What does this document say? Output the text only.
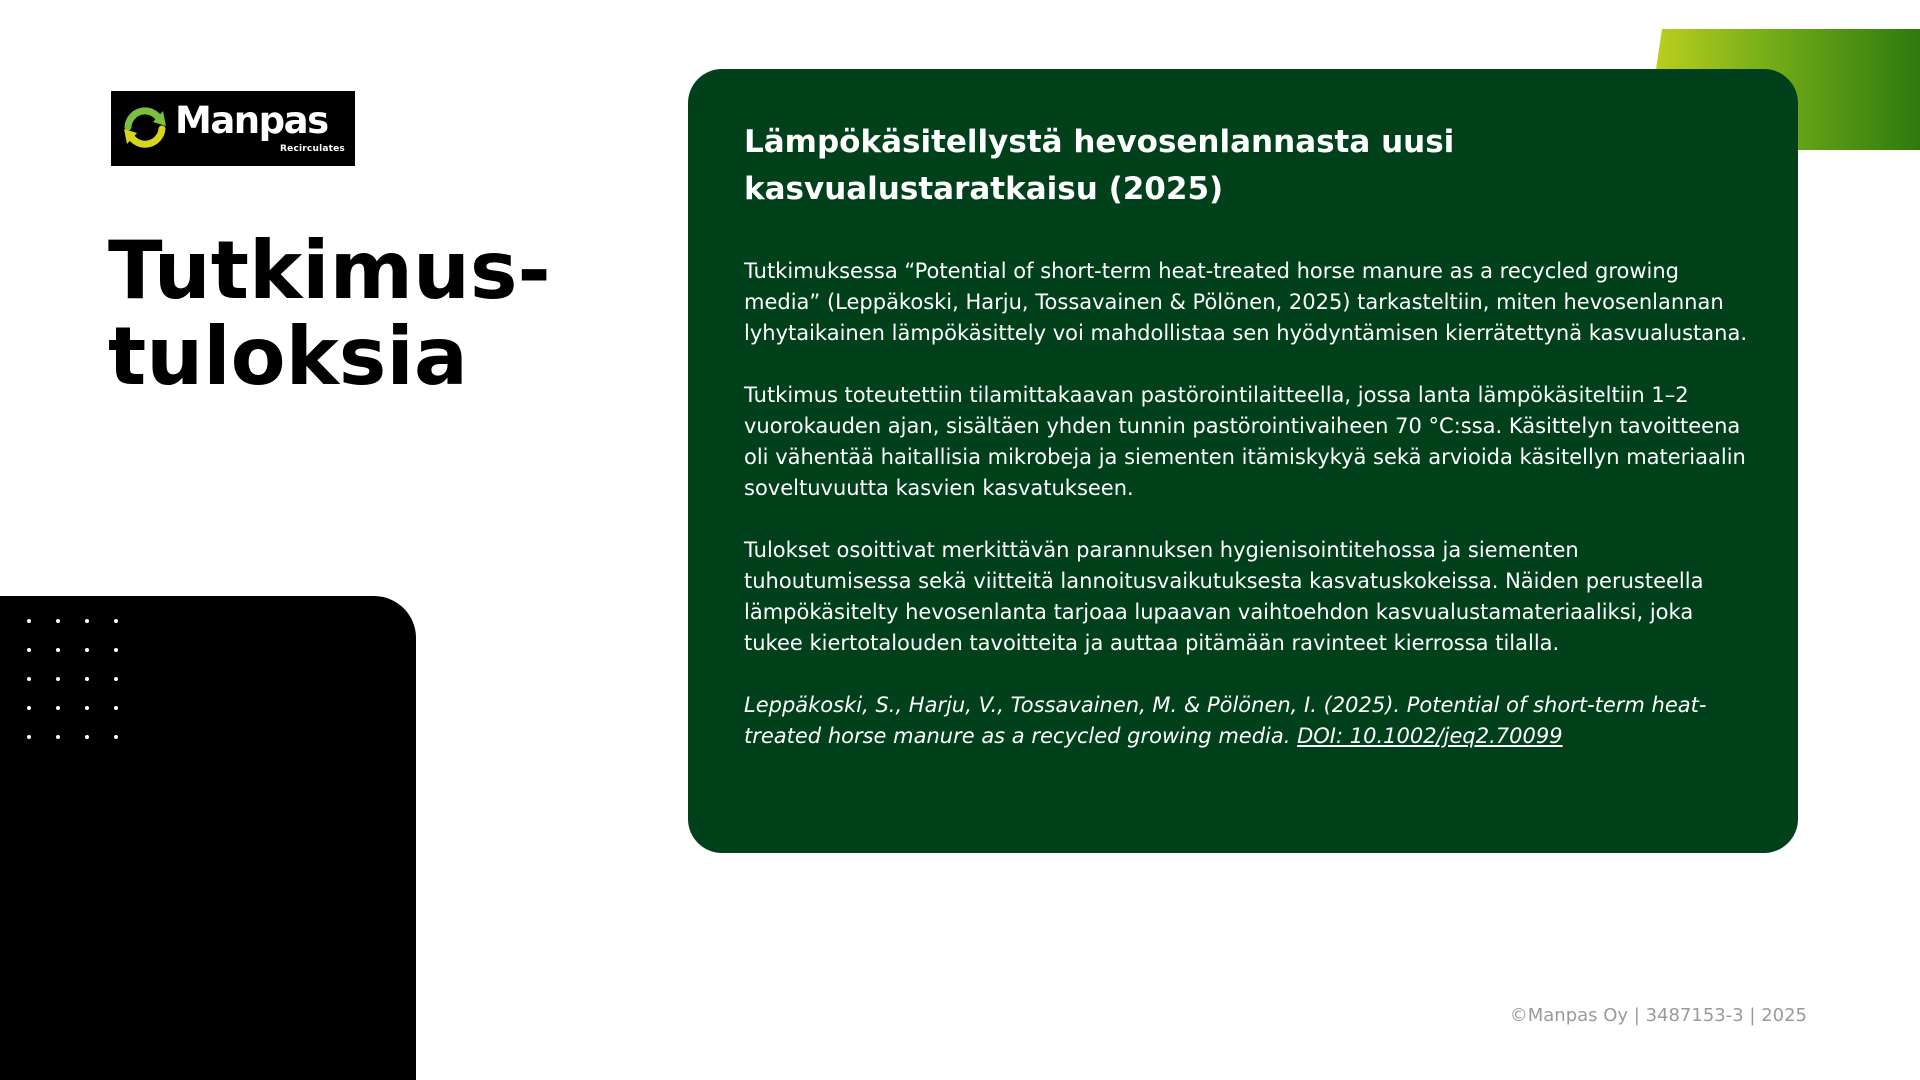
Manpas
Recirculates
Tutkimus-
tuloksia
Lämpökäsitellystä hevosenlannasta uusi kasvualustaratkaisu (2025)

Tutkimuksessa “Potential of short-term heat-treated horse manure as a recycled growing media” (Leppäkoski, Harju, Tossavainen & Pölönen, 2025) tarkasteltiin, miten hevosenlannan lyhytaikainen lämpökäsittely voi mahdollistaa sen hyödyntämisen kierrätettynä kasvualustana.

Tutkimus toteutettiin tilamittakaavan pastörointilaitteella, jossa lanta lämpökäsiteltiin 1–2 vuorokauden ajan, sisältäen yhden tunnin pastörointivaiheen 70 °C:ssa. Käsittelyn tavoitteena oli vähentää haitallisia mikrobeja ja siementen itämiskykyä sekä arvioida käsitellyn materiaalin soveltuvuutta kasvien kasvatukseen.

Tulokset osoittivat merkittävän parannuksen hygienisointitehossa ja siementen tuhoutumisessa sekä viitteitä lannoitusvaikutuksesta kasvatuskokeissa. Näiden perusteella lämpökäsitelty hevosenlanta tarjoaa lupaavan vaihtoehdon kasvualustamateriaaliksi, joka tukee kiertotalouden tavoitteita ja auttaa pitämään ravinteet kierrossa tilalla.

Leppäkoski, S., Harju, V., Tossavainen, M. & Pölönen, I. (2025). Potential of short-term heat-treated horse manure as a recycled growing media. DOI: 10.1002/jeq2.70099

©Manpas Oy | 3487153-3 | 2025
